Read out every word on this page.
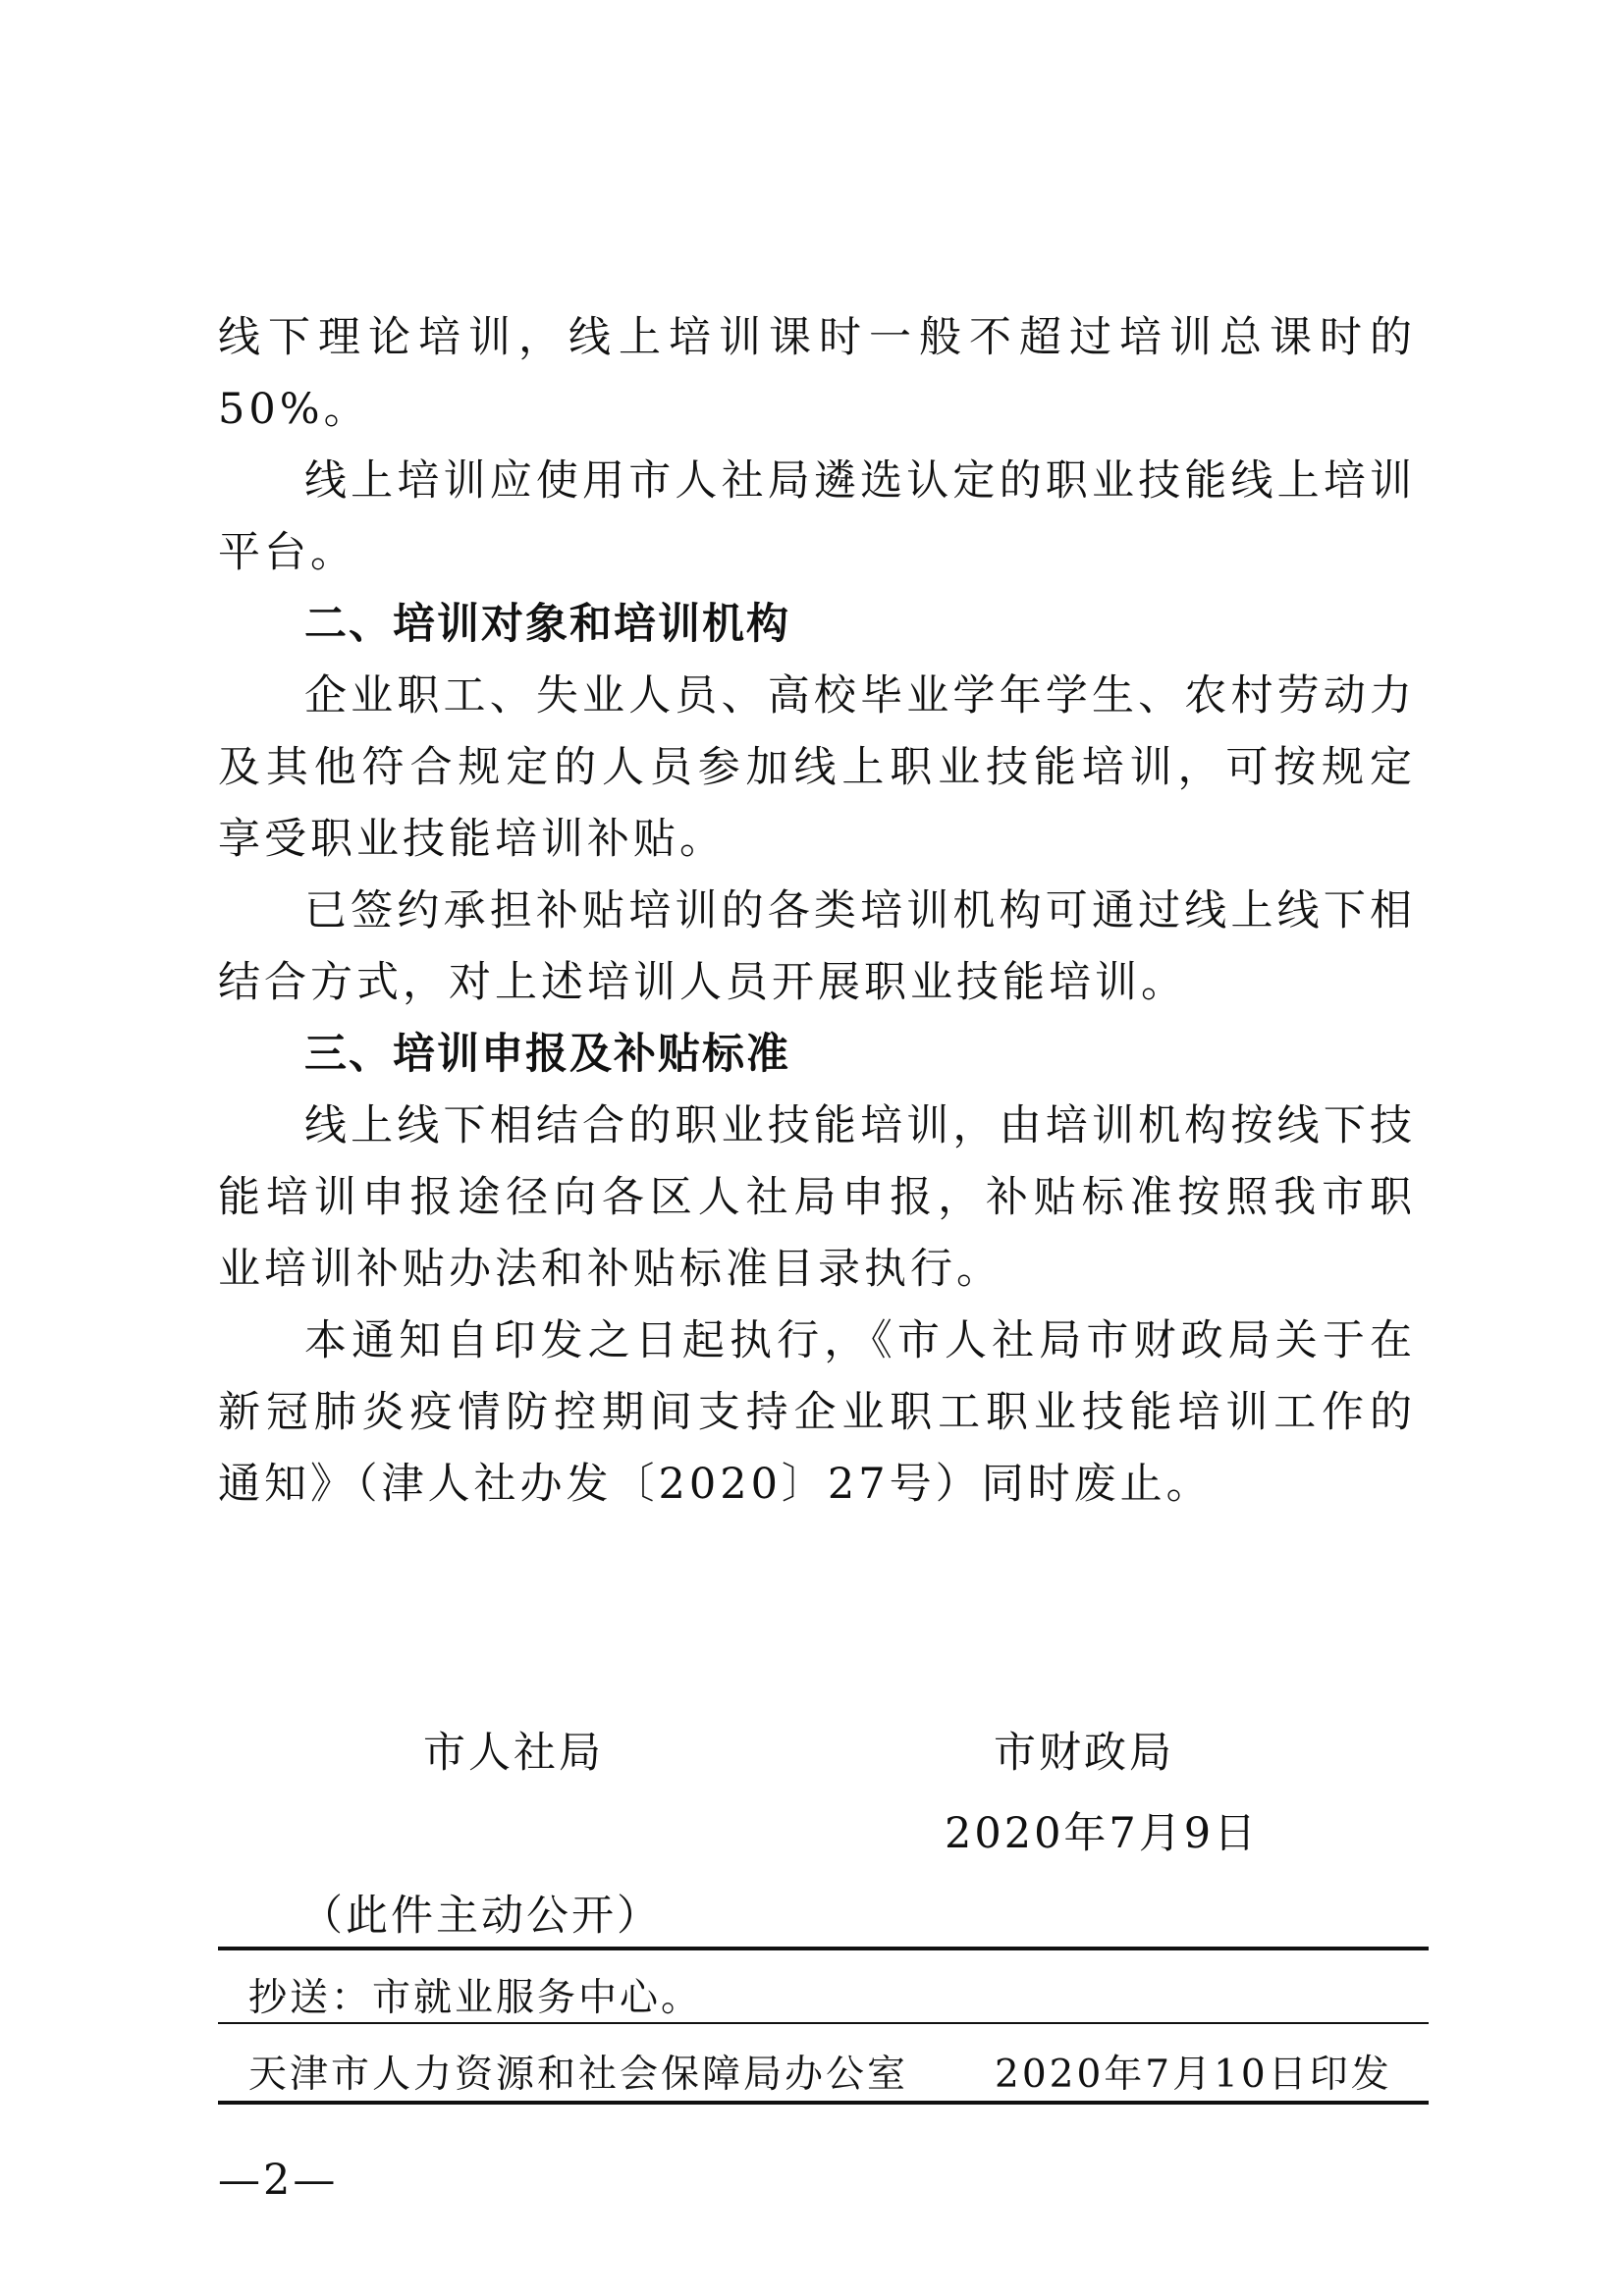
线下理论培训，线上培训课时一般不超过培训总课时的50%。

线上培训应使用市人社局遴选认定的职业技能线上培训平台。

二、培训对象和培训机构

企业职工、失业人员、高校毕业学年学生、农村劳动力及其他符合规定的人员参加线上职业技能培训，可按规定享受职业技能培训补贴。

已签约承担补贴培训的各类培训机构可通过线上线下相结合方式，对上述培训人员开展职业技能培训。

三、培训申报及补贴标准

线上线下相结合的职业技能培训，由培训机构按线下技能培训申报途径向各区人社局申报，补贴标准按照我市职业培训补贴办法和补贴标准目录执行。

本通知自印发之日起执行，《市人社局市财政局关于在新冠肺炎疫情防控期间支持企业职工职业技能培训工作的通知》（津人社办发〔2020〕27号）同时废止。

市人社局	市财政局
2020年7月9日
（此件主动公开）
抄送：市就业服务中心。
天津市人力资源和社会保障局办公室 2020年7月10日印发
—2—
